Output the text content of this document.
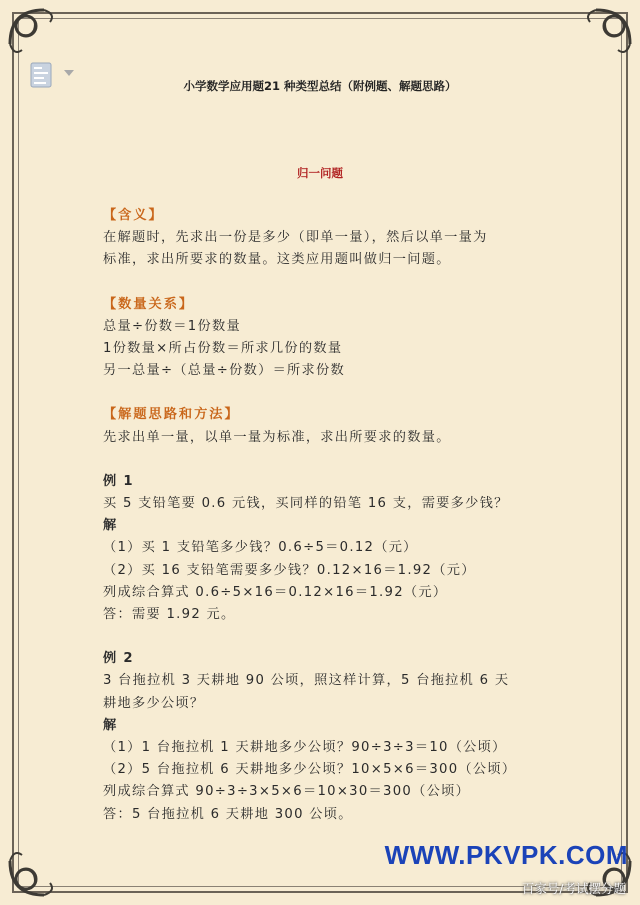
小学数学应用题21 种类型总结（附例题、解题思路）
归一问题
【含义】
在解题时，先求出一份是多少（即单一量），然后以单一量为
标准，求出所要求的数量。这类应用题叫做归一问题。
【数量关系】
总量÷份数＝1份数量
1份数量×所占份数＝所求几份的数量
另一总量÷（总量÷份数）＝所求份数
【解题思路和方法】
先求出单一量，以单一量为标准，求出所要求的数量。
例 1
买 5 支铅笔要 0.6 元钱，买同样的铅笔 16 支，需要多少钱？
解
（1）买 1 支铅笔多少钱？0.6÷5＝0.12（元）
（2）买 16 支铅笔需要多少钱？0.12×16＝1.92（元）
列成综合算式 0.6÷5×16＝0.12×16＝1.92（元）
答：需要 1.92 元。
例 2
3 台拖拉机 3 天耕地 90 公顷，照这样计算，5 台拖拉机 6 天
耕地多少公顷？
解
（1）1 台拖拉机 1 天耕地多少公顷？90÷3÷3＝10（公顷）
（2）5 台拖拉机 6 天耕地多少公顷？10×5×6＝300（公顷）
列成综合算式 90÷3÷3×5×6＝10×30＝300（公顷）
答：5 台拖拉机 6 天耕地 300 公顷。
WWW.PKVPK.COM
百家号/考试摆分题
